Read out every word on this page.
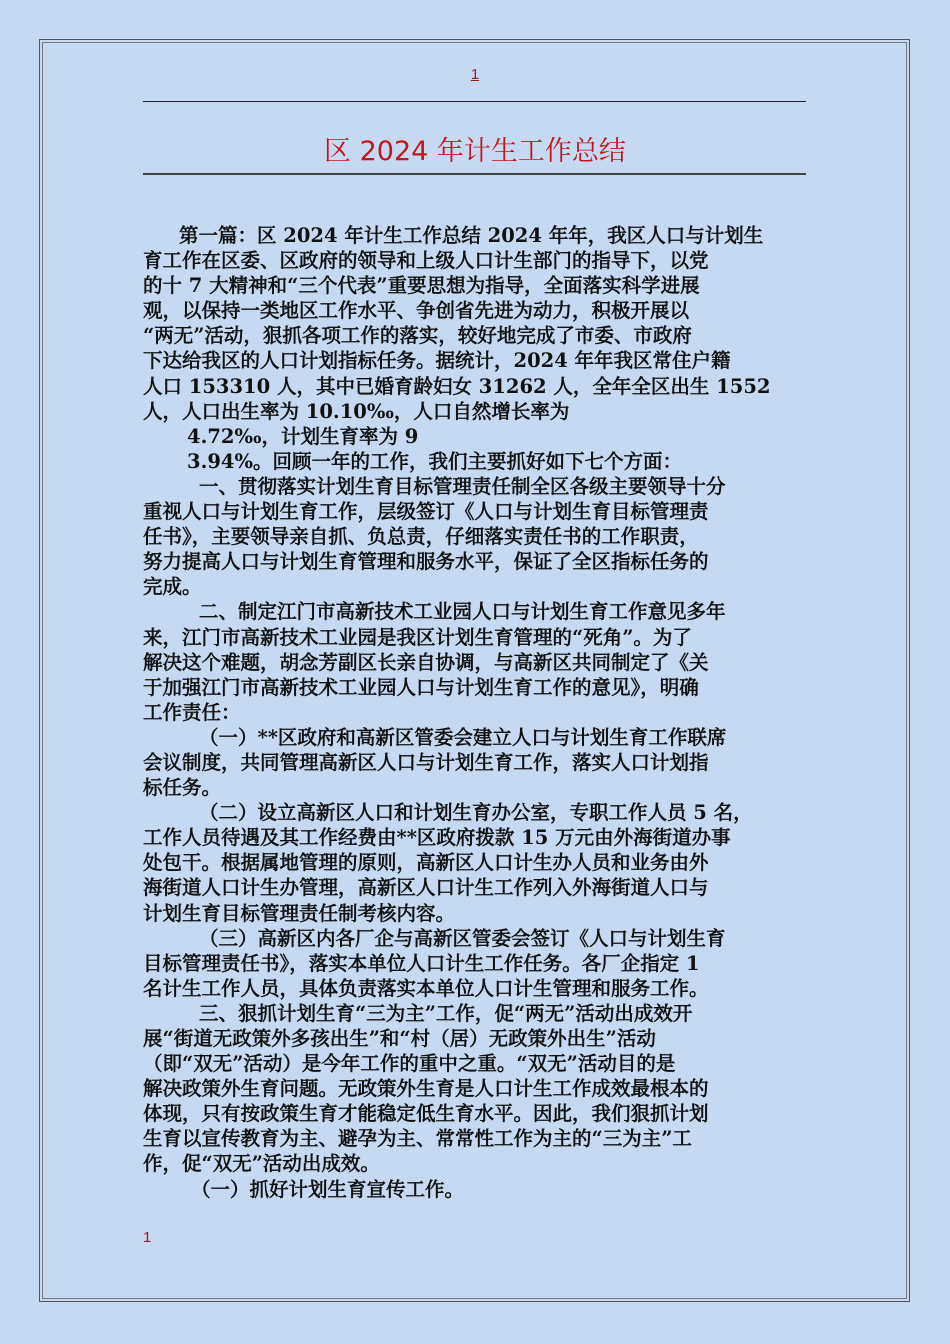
1
区 2024 年计生工作总结

第一篇：区 2024 年计生工作总结 2024 年年，我区人口与计划生

育工作在区委、区政府的领导和上级人口计生部门的指导下，以党

的十 7 大精神和“三个代表”重要思想为指导，全面落实科学进展

观，以保持一类地区工作水平、争创省先进为动力，积极开展以

“两无”活动，狠抓各项工作的落实，较好地完成了市委、市政府

下达给我区的人口计划指标任务。据统计，2024 年年我区常住户籍

人口 153310 人，其中已婚育龄妇女 31262 人，全年全区出生 1552

人，人口出生率为 10.10‰，人口自然增长率为

4.72‰，计划生育率为 9

3.94%。回顾一年的工作，我们主要抓好如下七个方面：

一、贯彻落实计划生育目标管理责任制全区各级主要领导十分

重视人口与计划生育工作，层级签订《人口与计划生育目标管理责

任书》，主要领导亲自抓、负总责，仔细落实责任书的工作职责，

努力提高人口与计划生育管理和服务水平，保证了全区指标任务的

完成。

二、制定江门市高新技术工业园人口与计划生育工作意见多年

来，江门市高新技术工业园是我区计划生育管理的“死角”。为了

解决这个难题，胡念芳副区长亲自协调，与高新区共同制定了《关

于加强江门市高新技术工业园人口与计划生育工作的意见》，明确

工作责任：

（一）**区政府和高新区管委会建立人口与计划生育工作联席

会议制度，共同管理高新区人口与计划生育工作，落实人口计划指

标任务。

（二）设立高新区人口和计划生育办公室，专职工作人员 5 名，

工作人员待遇及其工作经费由**区政府拨款 15 万元由外海街道办事

处包干。根据属地管理的原则，高新区人口计生办人员和业务由外

海街道人口计生办管理，高新区人口计生工作列入外海街道人口与

计划生育目标管理责任制考核内容。

（三）高新区内各厂企与高新区管委会签订《人口与计划生育

目标管理责任书》，落实本单位人口计生工作任务。各厂企指定 1

名计生工作人员，具体负责落实本单位人口计生管理和服务工作。

三、狠抓计划生育“三为主”工作，促“两无”活动出成效开

展“街道无政策外多孩出生”和“村（居）无政策外出生”活动

（即“双无”活动）是今年工作的重中之重。“双无”活动目的是

解决政策外生育问题。无政策外生育是人口计生工作成效最根本的

体现，只有按政策生育才能稳定低生育水平。因此，我们狠抓计划

生育以宣传教育为主、避孕为主、常常性工作为主的“三为主”工

作，促“双无”活动出成效。

（一）抓好计划生育宣传工作。

1
